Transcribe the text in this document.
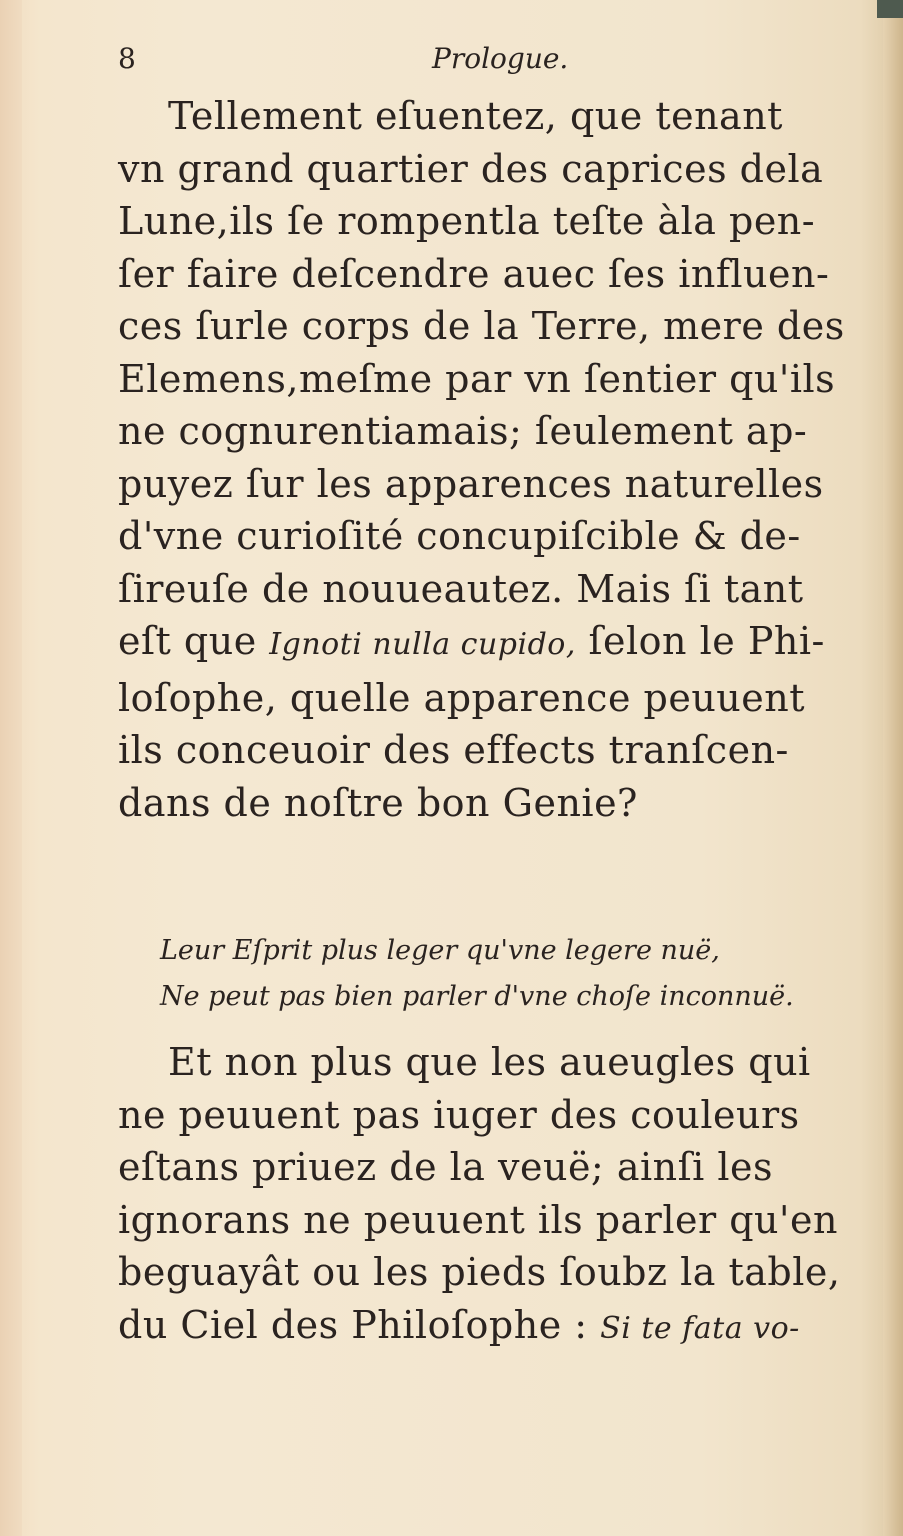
8	Prologue.
Tellement eſuentez, que tenant
vn grand quartier des caprices dela
Lune,ils ſe rompentla teſte àla pen-
ſer faire deſcendre auec ſes influen-
ces ſurle corps de la Terre, mere des
Elemens,meſme par vn ſentier qu'ils
ne cognurentiamais; ſeulement ap-
puyez ſur les apparences naturelles
d'vne curioſité concupiſcible & de-
ſireuſe de nouueautez. Mais ſi tant
eſt que Ignoti nulla cupido, ſelon le Phi-
loſophe, quelle apparence peuuent
ils conceuoir des effects tranſcen-
dans de noſtre bon Genie?
Leur Eſprit plus leger qu'vne legere nuë,
Ne peut pas bien parler d'vne choſe inconnuë.
Et non plus que les aueugles qui
ne peuuent pas iuger des couleurs
eſtans priuez de la veuë; ainſi les
ignorans ne peuuent ils parler qu'en
beguayât ou les pieds ſoubz la table,
du Ciel des Philoſophe : Si te fata vo-
